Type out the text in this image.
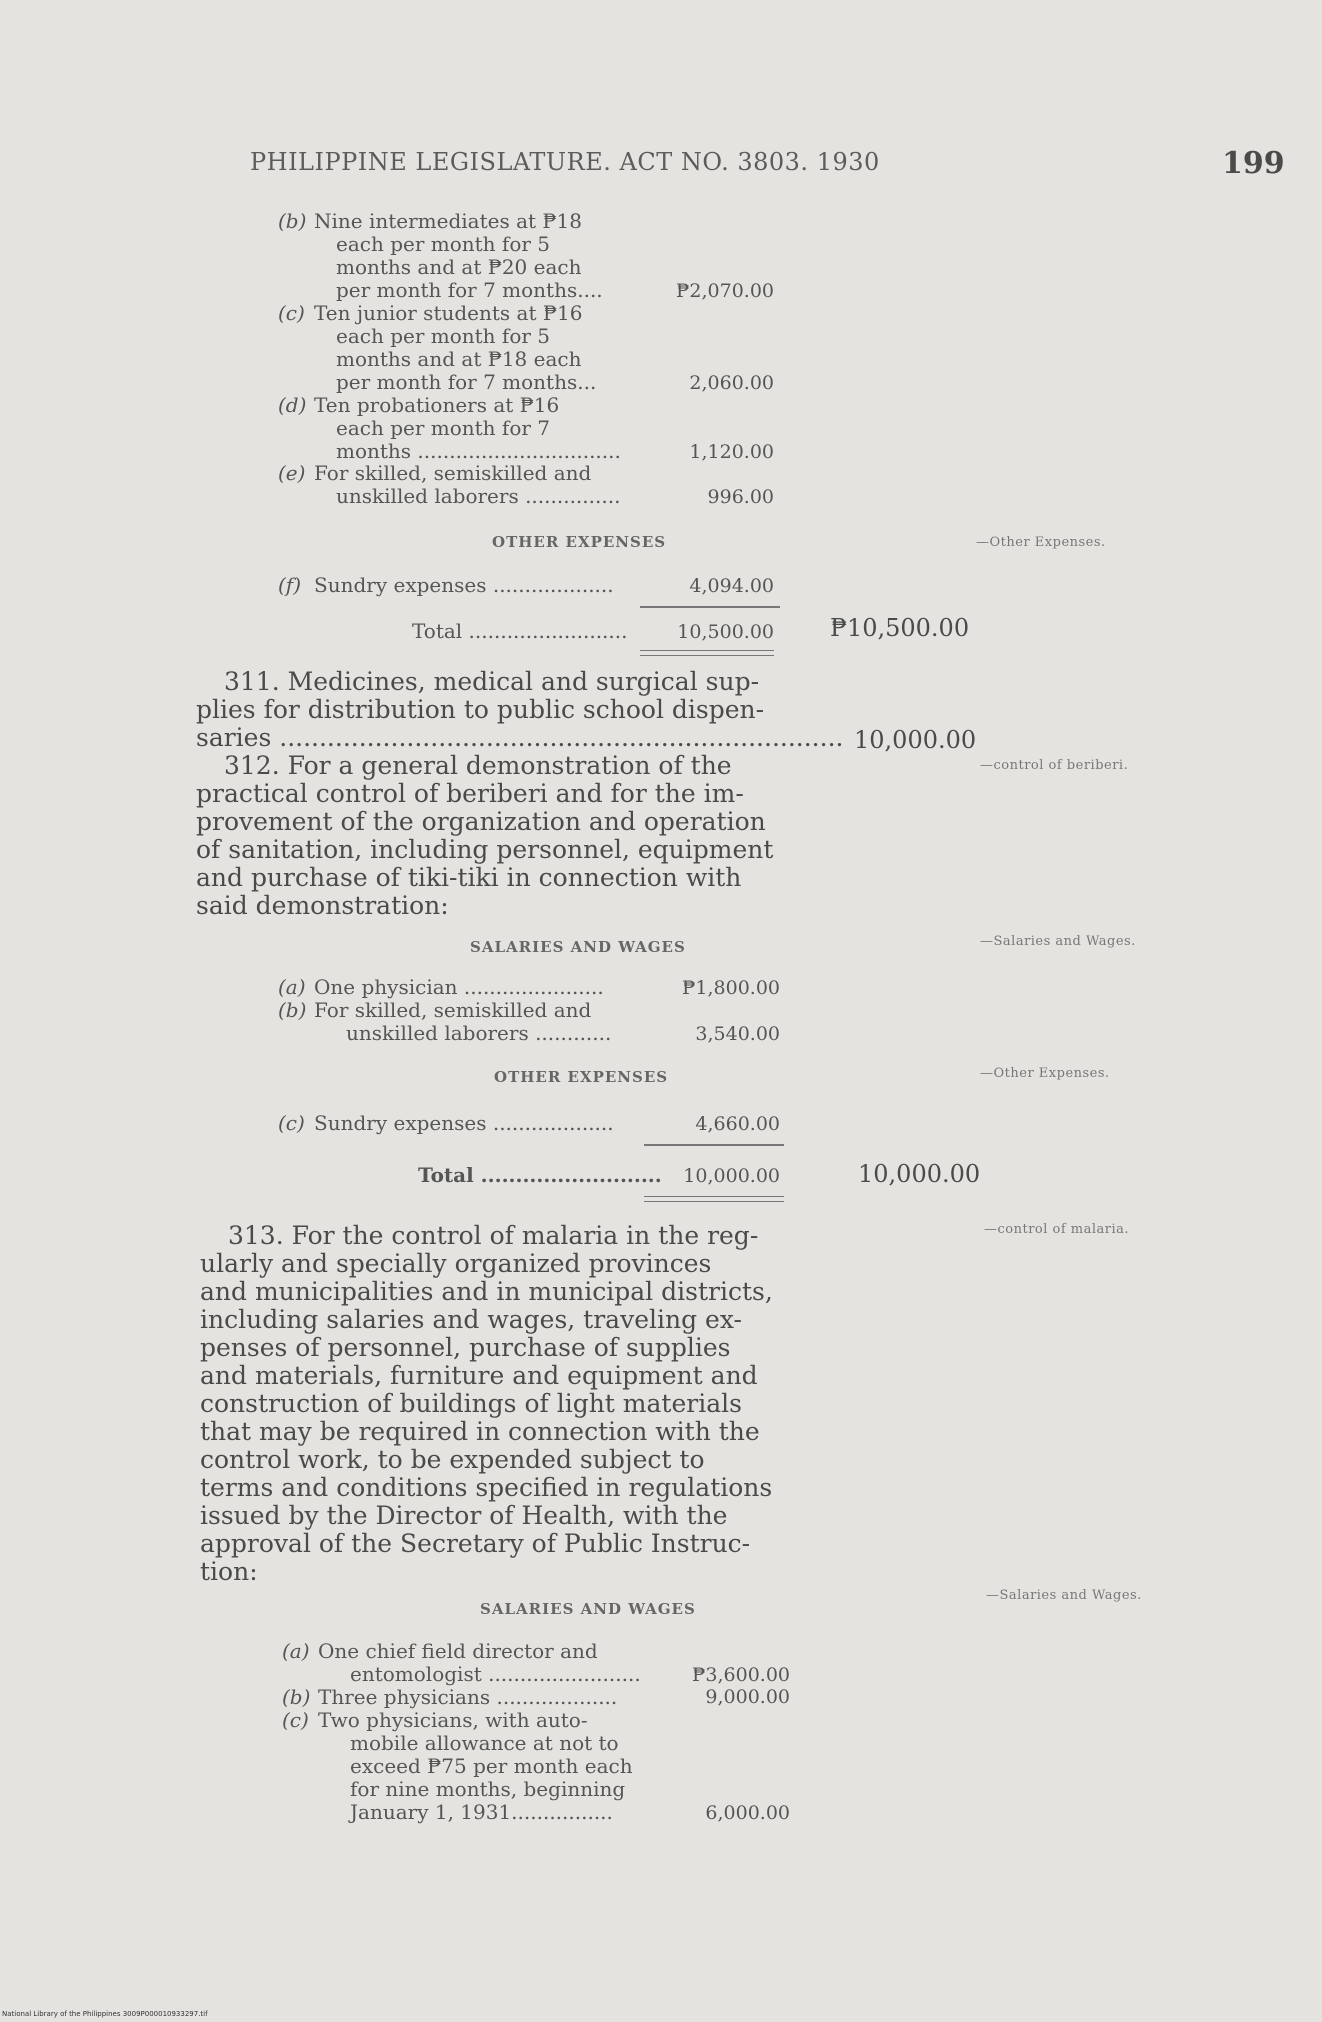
PHILIPPINE LEGISLATURE. ACT NO. 3803. 1930	199
(b) Nine intermediates at ₱18
each per month for 5
months and at ₱20 each
per month for 7 months....	₱2,070.00
(c) Ten junior students at ₱16
each per month for 5
months and at ₱18 each
per month for 7 months...	2,060.00
(d) Ten probationers at ₱16
each per month for 7
months ................................	1,120.00
(e) For skilled, semiskilled and
unskilled laborers ...............	996.00
OTHER EXPENSES	—Other Expenses.
(f) Sundry expenses ...................	4,094.00
Total .........................	10,500.00 ₱10,500.00
311. Medicines, medical and surgical sup-
plies for distribution to public school dispen-
saries ....................................................................... 10,000.00
312. For a general demonstration of the
practical control of beriberi and for the im-
provement of the organization and operation
of sanitation, including personnel, equipment
and purchase of tiki-tiki in connection with
said demonstration:
—control of beriberi.
SALARIES AND WAGES	—Salaries and Wages.
(a) One physician ......................	₱1,800.00
(b) For skilled, semiskilled and
unskilled laborers ............	3,540.00
OTHER EXPENSES	—Other Expenses.
(c) Sundry expenses ...................	4,660.00
Total ..........................	10,000.00	10,000.00
313. For the control of malaria in the reg-
ularly and specially organized provinces
and municipalities and in municipal districts,
including salaries and wages, traveling ex-
penses of personnel, purchase of supplies
and materials, furniture and equipment and
construction of buildings of light materials
that may be required in connection with the
control work, to be expended subject to
terms and conditions specified in regulations
issued by the Director of Health, with the
approval of the Secretary of Public Instruc-
tion:
—control of malaria.
SALARIES AND WAGES
—Salaries and Wages.
(a) One chief field director and
entomologist ........................	₱3,600.00
(b) Three physicians ...................	9,000.00
(c) Two physicians, with auto-
mobile allowance at not to
exceed ₱75 per month each
for nine months, beginning
January 1, 1931................	6,000.00
National Library of the Philippines 3009P000010933297.tif
